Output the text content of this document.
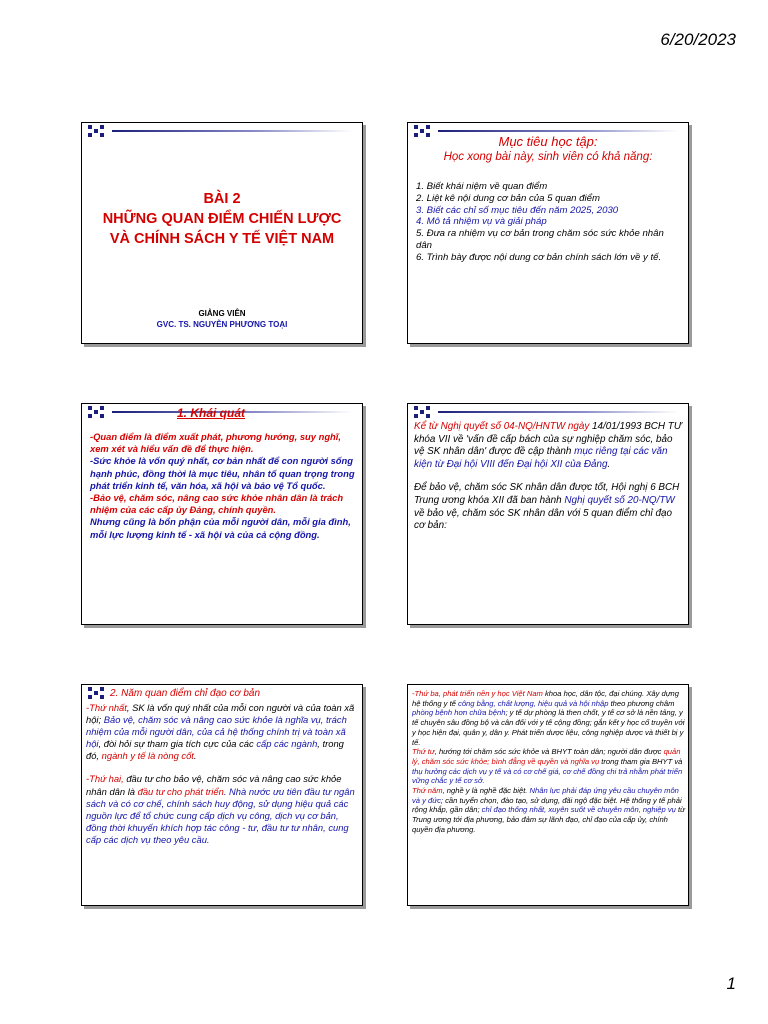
6/20/2023
BÀI 2
NHỮNG QUAN ĐIỂM CHIẾN LƯỢC
VÀ CHÍNH SÁCH Y TẾ VIỆT NAM
GIẢNG VIÊN
GVC. TS. NGUYỄN PHƯƠNG TOẠI
Mục tiêu học tập:
Học xong bài này, sinh viên có khả năng:
1. Biết khái niệm về quan điểm
2. Liệt kê nội dung cơ bản của 5 quan điểm
3. Biết các chỉ số mục tiêu đến năm 2025, 2030
4. Mô tả nhiệm vụ và giải pháp
5. Đưa ra nhiệm vụ cơ bản trong chăm sóc sức khỏe nhân dân
6. Trình bày được nội dung cơ bản chính sách lớn về y tế.
1. Khái quát
-Quan điểm là điểm xuất phát, phương hướng, suy nghĩ, xem xét và hiểu vấn đề để thực hiện.
-Sức khỏe là vốn quý nhất, cơ bản nhất để con người sống hạnh phúc, đồng thời là mục tiêu, nhân tố quan trọng trong phát triển kinh tế, văn hóa, xã hội và bảo vệ Tổ quốc.
-Bảo vệ, chăm sóc, nâng cao sức khỏe nhân dân là trách nhiệm của các cấp ủy Đảng, chính quyền.
Nhưng cũng là bổn phận của mỗi người dân, mỗi gia đình, mỗi lực lượng kinh tế - xã hội và của cả cộng đồng.
Kể từ Nghị quyết số 04-NQ/HNTW ngày 14/01/1993 BCH TƯ khóa VII về 'vấn đề cấp bách của sự nghiệp chăm sóc, bảo vệ SK nhân dân' được đề cập thành mục riêng tại các văn kiện từ Đại hội VIII đến Đại hội XII của Đảng.
Để bảo vệ, chăm sóc SK nhân dân được tốt, Hội nghị 6 BCH Trung ương khóa XII đã ban hành Nghị quyết số 20-NQ/TW về bảo vệ, chăm sóc SK nhân dân với 5 quan điểm chỉ đạo cơ bản:
2. Năm quan điểm chỉ đạo cơ bản
-Thứ nhất, SK là vốn quý nhất của mỗi con người và của toàn xã hội; Bảo vệ, chăm sóc và nâng cao sức khỏe là nghĩa vụ, trách nhiệm của mỗi người dân, của cả hệ thống chính trị và toàn xã hội, đòi hỏi sự tham gia tích cực của các cấp các ngành, trong đó, ngành y tế là nòng cốt.
-Thứ hai, đầu tư cho bảo vệ, chăm sóc và nâng cao sức khỏe nhân dân là đầu tư cho phát triển. Nhà nước ưu tiên đầu tư ngân sách và có cơ chế, chính sách huy động, sử dụng hiệu quả các nguồn lực để tổ chức cung cấp dịch vụ công, dịch vụ cơ bản, đồng thời khuyến khích hợp tác công - tư, đầu tư tư nhân, cung cấp các dịch vụ theo yêu cầu.
-Thứ ba, phát triển nền y học Việt Nam khoa học, dân tộc, đại chúng. Xây dựng hệ thống y tế công bằng, chất lượng, hiệu quả và hội nhập theo phương châm phòng bệnh hơn chữa bệnh; y tế dự phòng là then chốt, y tế cơ sở là nền tảng, y tế chuyên sâu đồng bộ và cân đối với y tế cộng đồng; gắn kết y học cổ truyền với y học hiện đại, quân y, dân y. Phát triển dược liệu, công nghiệp dược và thiết bị y tế.
Thứ tư, hướng tới chăm sóc sức khỏe và BHYT toàn dân; người dân được quản lý, chăm sóc sức khỏe; bình đẳng về quyền và nghĩa vụ trong tham gia BHYT và thụ hưởng các dịch vụ y tế và có cơ chế giá, cơ chế đồng chi trả nhằm phát triển vững chắc y tế cơ sở.
Thứ năm, nghề y là nghề đặc biệt. Nhân lực phải đáp ứng yêu cầu chuyên môn và y đức; cần tuyển chọn, đào tạo, sử dụng, đãi ngộ đặc biệt. Hệ thống y tế phải rộng khắp, gần dân; chỉ đạo thống nhất, xuyên suốt về chuyên môn, nghiệp vụ từ Trung ương tới địa phương, bảo đảm sự lãnh đạo, chỉ đạo của cấp ủy, chính quyền địa phương.
1
